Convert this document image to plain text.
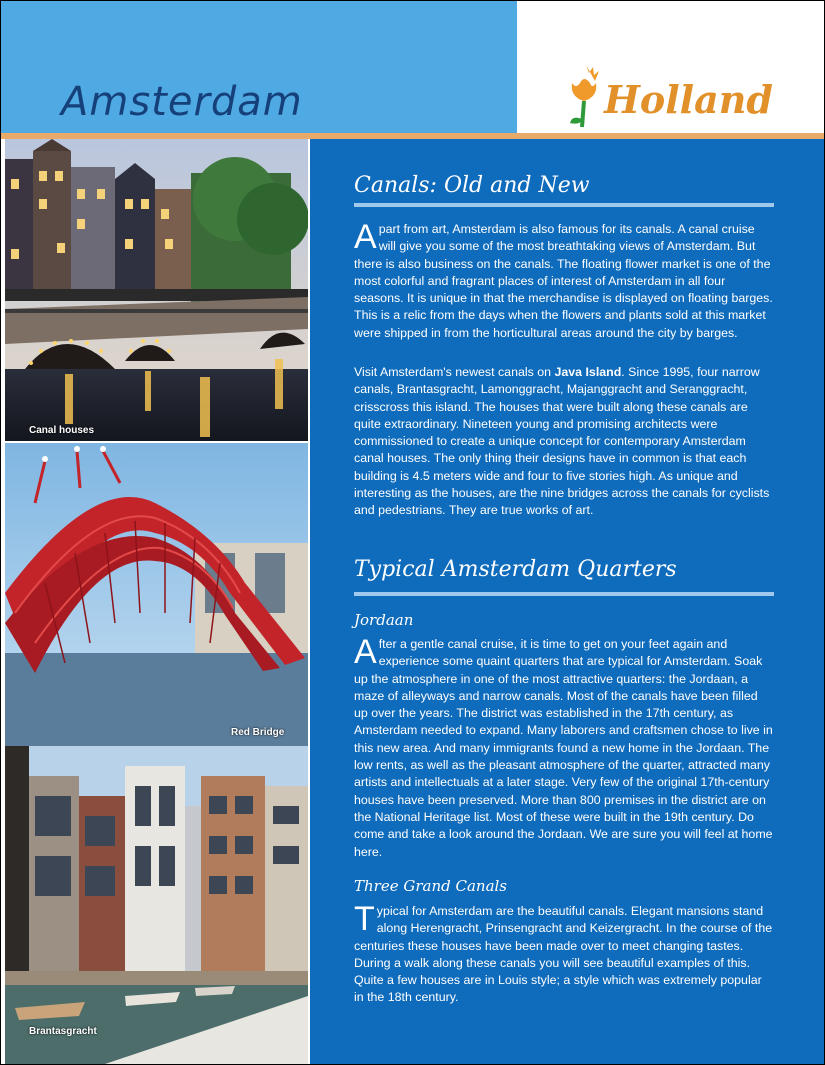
Amsterdam	Holland.
Canal houses
Red Bridge
Brantasgracht
Canals: Old and New

Apart from art, Amsterdam is also famous for its canals. A canal cruise will give you some of the most breathtaking views of Amsterdam. But there is also business on the canals. The floating flower market is one of the most colorful and fragrant places of interest of Amsterdam in all four seasons. It is unique in that the merchandise is displayed on floating barges. This is a relic from the days when the flowers and plants sold at this market were shipped in from the horticultural areas around the city by barges.

Visit Amsterdam's newest canals on Java Island. Since 1995, four narrow canals, Brantasgracht, Lamonggracht, Majanggracht and Seranggracht, crisscross this island. The houses that were built along these canals are quite extraordinary. Nineteen young and promising architects were commissioned to create a unique concept for contemporary Amsterdam canal houses. The only thing their designs have in common is that each building is 4.5 meters wide and four to five stories high. As unique and interesting as the houses, are the nine bridges across the canals for cyclists and pedestrians. They are true works of art.

Typical Amsterdam Quarters
Jordaan

After a gentle canal cruise, it is time to get on your feet again and experience some quaint quarters that are typical for Amsterdam. Soak up the atmosphere in one of the most attractive quarters: the Jordaan, a maze of alleyways and narrow canals. Most of the canals have been filled up over the years. The district was established in the 17th century, as Amsterdam needed to expand. Many laborers and craftsmen chose to live in this new area. And many immigrants found a new home in the Jordaan. The low rents, as well as the pleasant atmosphere of the quarter, attracted many artists and intellectuals at a later stage. Very few of the original 17th-century houses have been preserved. More than 800 premises in the district are on the National Heritage list. Most of these were built in the 19th century. Do come and take a look around the Jordaan. We are sure you will feel at home here.

Three Grand Canals

Typical for Amsterdam are the beautiful canals. Elegant mansions stand along Herengracht, Prinsengracht and Keizergracht. In the course of the centuries these houses have been made over to meet changing tastes. During a walk along these canals you will see beautiful examples of this. Quite a few houses are in Louis style; a style which was extremely popular in the 18th century.
